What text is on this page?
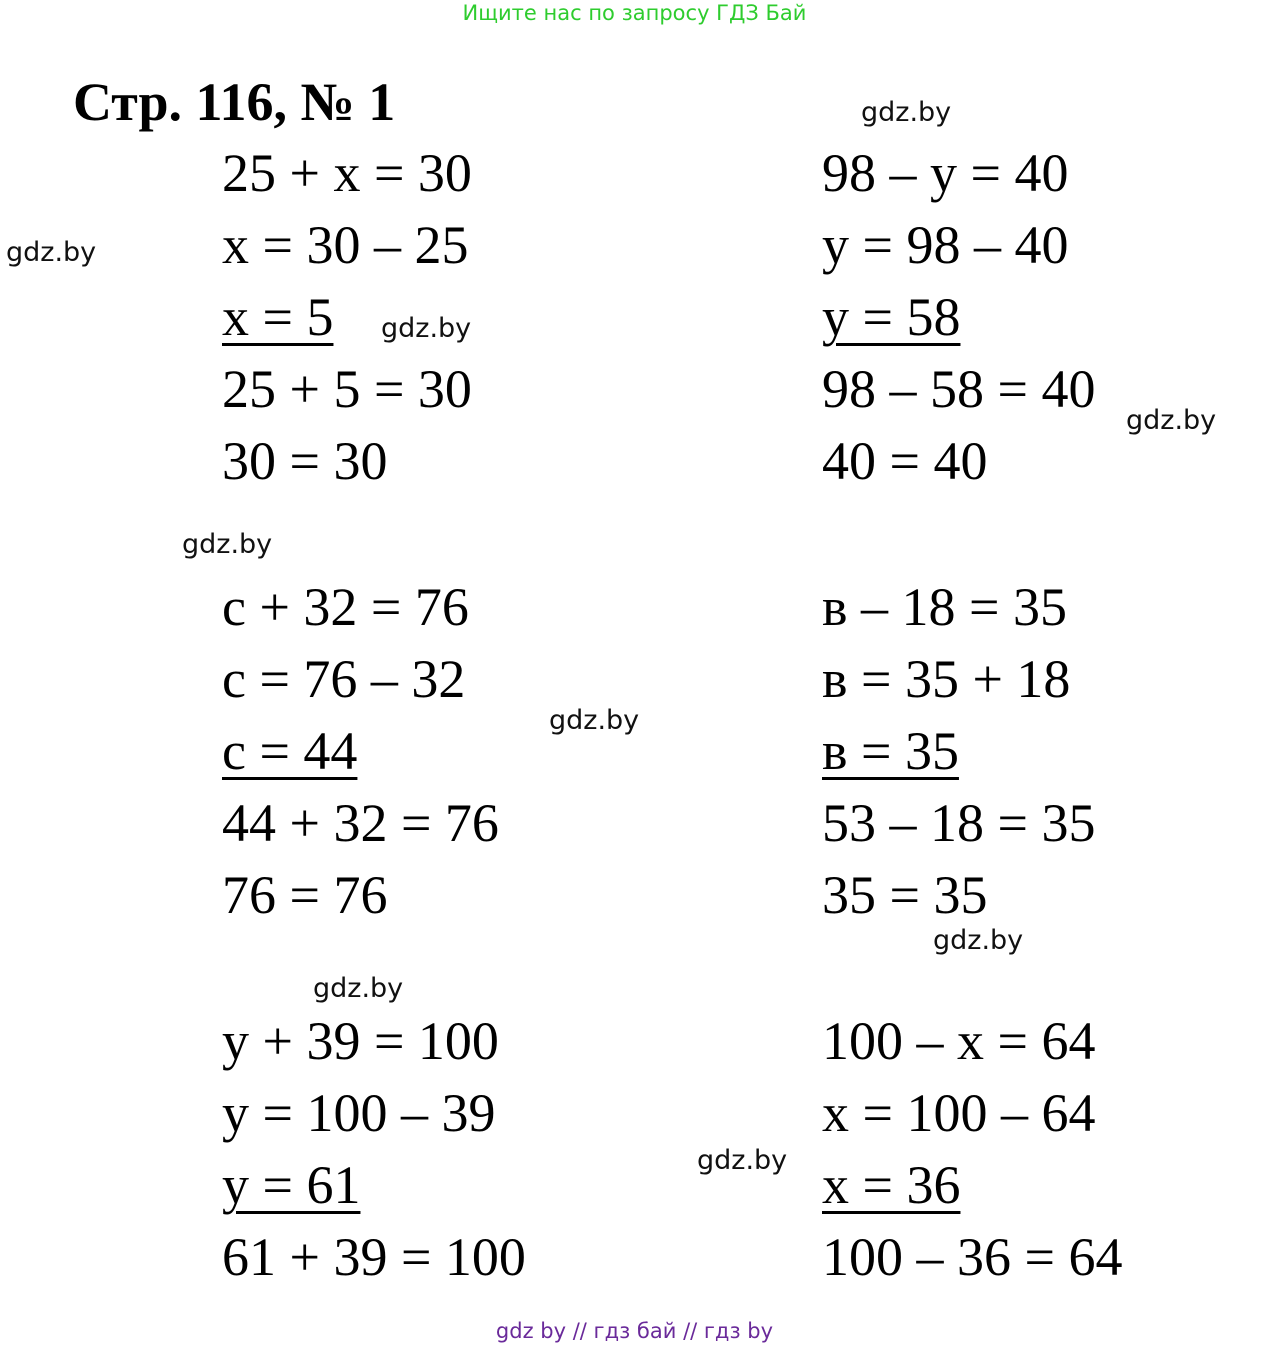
Ищите нас по запросу ГДЗ Бай
Стр. 116, № 1	gdz.by
gdz.by
gdz.by
gdz.by
gdz.by
gdz.by
gdz.by
gdz.by
gdz.by
25 + x = 30
x = 30 – 25
x = 5
25 + 5 = 30
30 = 30
98 – y = 40
y = 98 – 40
y = 58
98 – 58 = 40
40 = 40
c + 32 = 76
c = 76 – 32
c = 44
44 + 32 = 76
76 = 76
в – 18 = 35
в = 35 + 18
в = 35
53 – 18 = 35
35 = 35
y + 39 = 100
y = 100 – 39
y = 61
61 + 39 = 100
100 – x = 64
x = 100 – 64
x = 36
100 – 36 = 64
gdz by // гдз бай // гдз by
